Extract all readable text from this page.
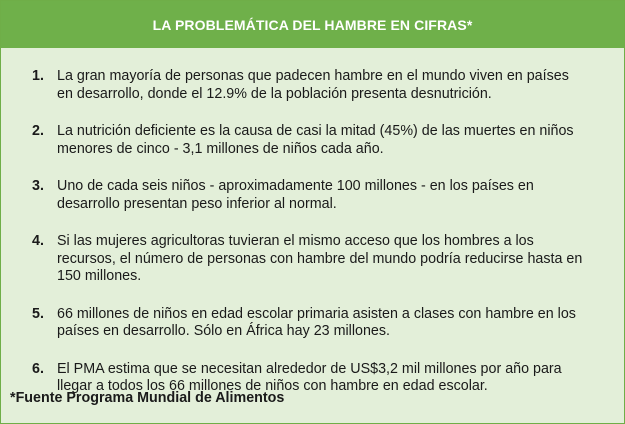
LA PROBLEMÁTICA DEL HAMBRE EN CIFRAS*
1. La gran mayoría de personas que padecen hambre en el mundo viven en países en desarrollo, donde el 12.9% de la población presenta desnutrición.
2. La nutrición deficiente es la causa de casi la mitad (45%) de las muertes en niños menores de cinco - 3,1 millones de niños cada año.
3. Uno de cada seis niños - aproximadamente 100 millones - en los países en desarrollo presentan peso inferior al normal.
4. Si las mujeres agricultoras tuvieran el mismo acceso que los hombres a los recursos, el número de personas con hambre del mundo podría reducirse hasta en 150 millones.
5. 66 millones de niños en edad escolar primaria asisten a clases con hambre en los países en desarrollo. Sólo en África hay 23 millones.
6. El PMA estima que se necesitan alrededor de US$3,2 mil millones por año para llegar a todos los 66 millones de niños con hambre en edad escolar.
*Fuente Programa Mundial de Alimentos
